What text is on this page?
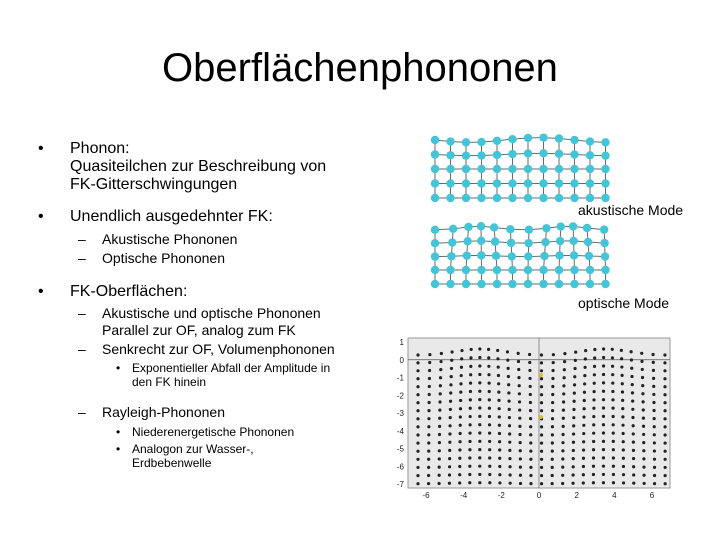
Oberflächenphononen
• Phonon:
Quasiteilchen zur Beschreibung von
FK-Gitterschwingungen
• Unendlich ausgedehnter FK:
– Akustische Phononen
– Optische Phononen
• FK-Oberflächen:
– Akustische und optische Phononen
Parallel zur OF, analog zum FK
– Senkrecht zur OF, Volumenphononen
• Exponentieller Abfall der Amplitude in
den FK hinein
– Rayleigh-Phononen
• Niederenergetische Phononen
• Analogon zur Wasser-,
Erdbebenwelle
akustische Mode
optische Mode
1
0
-1
-2
-3
-4
-5
-6
-7
-6	-4	-2	0	2	4	6
